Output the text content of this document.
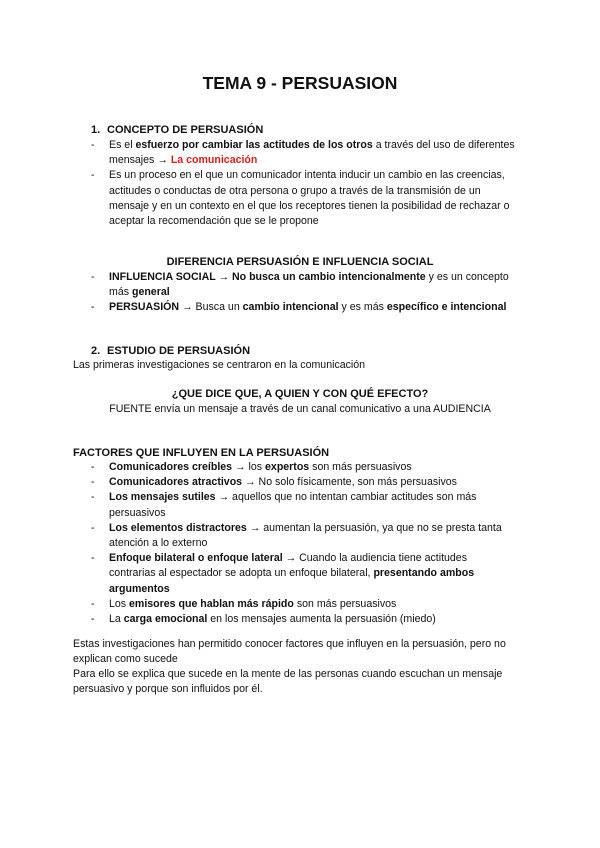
TEMA 9 - PERSUASION
1. CONCEPTO DE PERSUASIÓN
- Es el esfuerzo por cambiar las actitudes de los otros a través del uso de diferentes mensajes → La comunicación
- Es un proceso en el que un comunicador intenta inducir un cambio en las creencias, actitudes o conductas de otra persona o grupo a través de la transmisión de un mensaje y en un contexto en el que los receptores tienen la posibilidad de rechazar o aceptar la recomendación que se le propone
DIFERENCIA PERSUASIÓN E INFLUENCIA SOCIAL
- INFLUENCIA SOCIAL → No busca un cambio intencionalmente y es un concepto más general
- PERSUASIÓN → Busca un cambio intencional y es más específico e intencional
2. ESTUDIO DE PERSUASIÓN

Las primeras investigaciones se centraron en la comunicación

¿QUE DICE QUE, A QUIEN Y CON QUÉ EFECTO?

FUENTE envía un mensaje a través de un canal comunicativo a una AUDIENCIA

FACTORES QUE INFLUYEN EN LA PERSUASIÓN
- Comunicadores creíbles → los expertos son más persuasivos
- Comunicadores atractivos → No solo físicamente, son más persuasivos
- Los mensajes sutiles → aquellos que no intentan cambiar actitudes son más persuasivos
- Los elementos distractores → aumentan la persuasión, ya que no se presta tanta atención a lo externo
- Enfoque bilateral o enfoque lateral → Cuando la audiencia tiene actitudes contrarias al espectador se adopta un enfoque bilateral, presentando ambos argumentos
- Los emisores que hablan más rápido son más persuasivos
- La carga emocional en los mensajes aumenta la persuasión (miedo)

Estas investigaciones han permitido conocer factores que influyen en la persuasión, pero no explican como sucede

Para ello se explica que sucede en la mente de las personas cuando escuchan un mensaje persuasivo y porque son influidos por él.
